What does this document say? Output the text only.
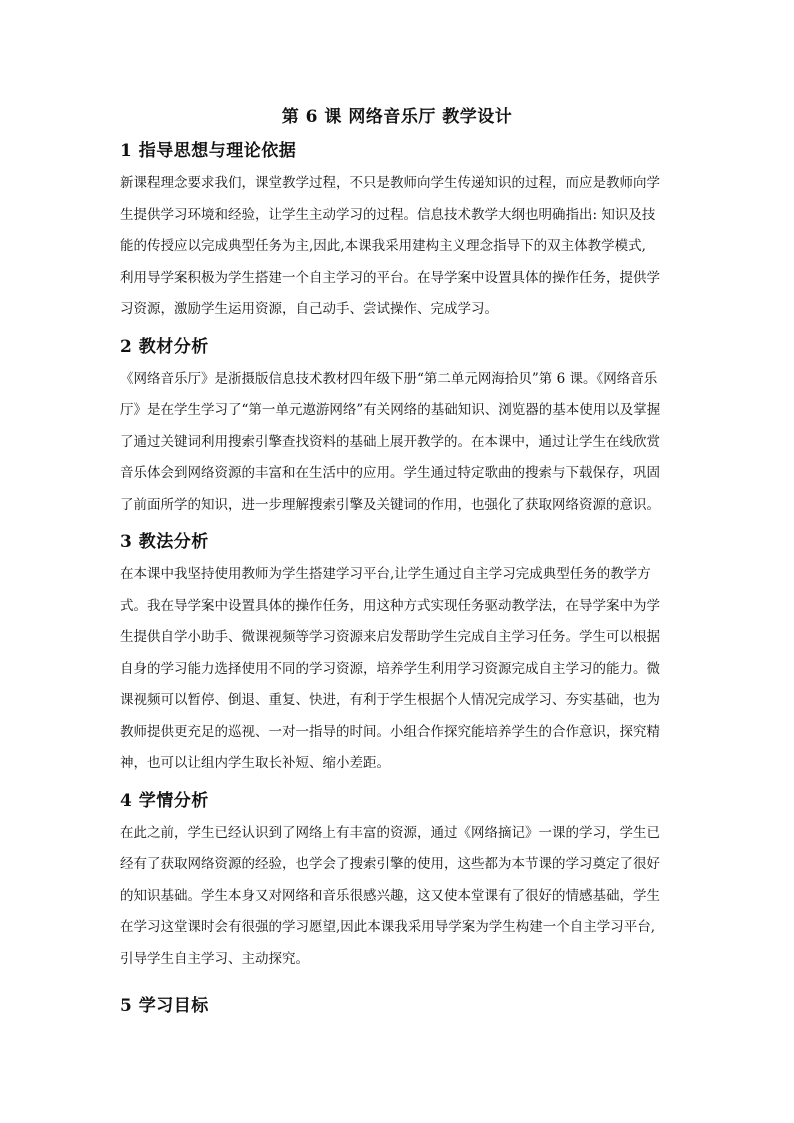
第 6 课 网络音乐厅 教学设计
1 指导思想与理论依据

新课程理念要求我们，课堂教学过程，不只是教师向学生传递知识的过程，而应是教师向学
生提供学习环境和经验，让学生主动学习的过程。信息技术教学大纲也明确指出: 知识及技
能的传授应以完成典型任务为主,因此,本课我采用建构主义理念指导下的双主体教学模式,
利用导学案积极为学生搭建一个自主学习的平台。在导学案中设置具体的操作任务，提供学
习资源，激励学生运用资源，自己动手、尝试操作、完成学习。

2 教材分析

《网络音乐厅》是浙摄版信息技术教材四年级下册“第二单元网海拾贝”第 6 课。《网络音乐
厅》是在学生学习了“第一单元遨游网络”有关网络的基础知识、浏览器的基本使用以及掌握
了通过关键词利用搜索引擎查找资料的基础上展开教学的。在本课中，通过让学生在线欣赏
音乐体会到网络资源的丰富和在生活中的应用。学生通过特定歌曲的搜索与下载保存，巩固
了前面所学的知识，进一步理解搜索引擎及关键词的作用，也强化了获取网络资源的意识。

3 教法分析

在本课中我坚持使用教师为学生搭建学习平台,让学生通过自主学习完成典型任务的教学方
式。我在导学案中设置具体的操作任务，用这种方式实现任务驱动教学法，在导学案中为学
生提供自学小助手、微课视频等学习资源来启发帮助学生完成自主学习任务。学生可以根据
自身的学习能力选择使用不同的学习资源，培养学生利用学习资源完成自主学习的能力。微
课视频可以暂停、倒退、重复、快进，有利于学生根据个人情况完成学习、夯实基础，也为
教师提供更充足的巡视、一对一指导的时间。小组合作探究能培养学生的合作意识，探究精
神，也可以让组内学生取长补短、缩小差距。

4 学情分析

在此之前，学生已经认识到了网络上有丰富的资源，通过《网络摘记》一课的学习，学生已
经有了获取网络资源的经验，也学会了搜索引擎的使用，这些都为本节课的学习奠定了很好
的知识基础。学生本身又对网络和音乐很感兴趣，这又使本堂课有了很好的情感基础，学生
在学习这堂课时会有很强的学习愿望,因此本课我采用导学案为学生构建一个自主学习平台,
引导学生自主学习、主动探究。

5 学习目标
